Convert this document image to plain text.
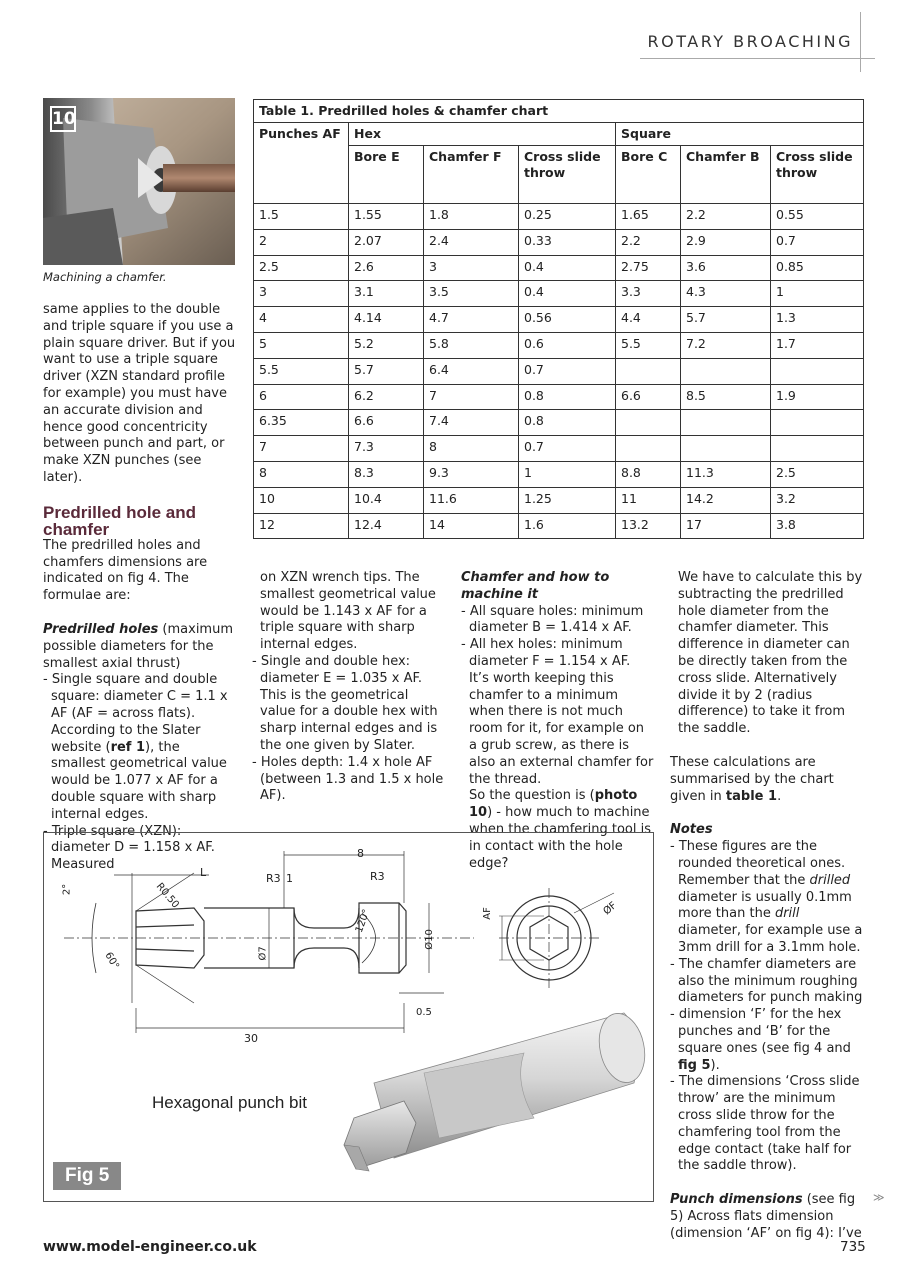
ROTARY BROACHING
10
Machining a chamfer.

same applies to the double and triple square if you use a plain square driver. But if you want to use a triple square driver (XZN standard profile for example) you must have an accurate division and hence good concentricity between punch and part, or make XZN punches (see later).

Predrilled hole and chamfer

The predrilled holes and chamfers dimensions are indicated on fig 4. The formulae are:

Predrilled holes (maximum possible diameters for the smallest axial thrust)

- Single square and double square: diameter C = 1.1 x AF (AF = across flats). According to the Slater website (ref 1), the smallest geometrical value would be 1.077 x AF for a double square with sharp internal edges.

- Triple square (XZN): diameter D = 1.158 x AF. Measured

Table 1. Predrilled holes & chamfer chart						
Punches AF	Hex			Square		
	Bore E	Chamfer F	Cross slide throw	Bore C	Chamfer B	Cross slide throw
1.5	1.55	1.8	0.25	1.65	2.2	0.55
2	2.07	2.4	0.33	2.2	2.9	0.7
2.5	2.6	3	0.4	2.75	3.6	0.85
3	3.1	3.5	0.4	3.3	4.3	1
4	4.14	4.7	0.56	4.4	5.7	1.3
5	5.2	5.8	0.6	5.5	7.2	1.7
5.5	5.7	6.4	0.7			
6	6.2	7	0.8	6.6	8.5	1.9
6.35	6.6	7.4	0.8			
7	7.3	8	0.7			
8	8.3	9.3	1	8.8	11.3	2.5
10	10.4	11.6	1.25	11	14.2	3.2
12	12.4	14	1.6	13.2	17	3.8

on XZN wrench tips. The smallest geometrical value would be 1.143 x AF for a triple square with sharp internal edges.

- Single and double hex: diameter E = 1.035 x AF. This is the geometrical value for a double hex with sharp internal edges and is the one given by Slater.

- Holes depth: 1.4 x hole AF (between 1.3 and 1.5 x hole AF).

Chamfer and how to machine it

- All square holes: minimum diameter B = 1.414 x AF.

- All hex holes: minimum diameter F = 1.154 x AF.

It’s worth keeping this chamfer to a minimum when there is not much room for it, for example on a grub screw, as there is also an external chamfer for the thread.

So the question is (photo 10) - how much to machine when the chamfering tool is in contact with the hole edge?

We have to calculate this by subtracting the predrilled hole diameter from the chamfer diameter. This difference in diameter can be directly taken from the cross slide. Alternatively divide it by 2 (radius difference) to take it from the saddle.

These calculations are summarised by the chart given in table 1.

Notes

- These figures are the rounded theoretical ones. Remember that the drilled diameter is usually 0.1mm more than the drill diameter, for example use a 3mm drill for a 3.1mm hole.

- The chamfer diameters are also the minimum roughing diameters for punch making

- dimension ‘F’ for the hex punches and ‘B’ for the square ones (see fig 4 and fig 5).

- The dimensions ‘Cross slide throw’ are the minimum cross slide throw for the chamfering tool from the edge contact (take half for the saddle throw).

Punch dimensions (see fig 5) Across flats dimension (dimension ‘AF’ on fig 4): I’ve

8
R3 1	R3
L
R0.50
2°
60°	Ø7
120°
Ø10
0.5
30
AF	ØF
Hexagonal punch bit
Fig 5
≫
www.model-engineer.co.uk	735
